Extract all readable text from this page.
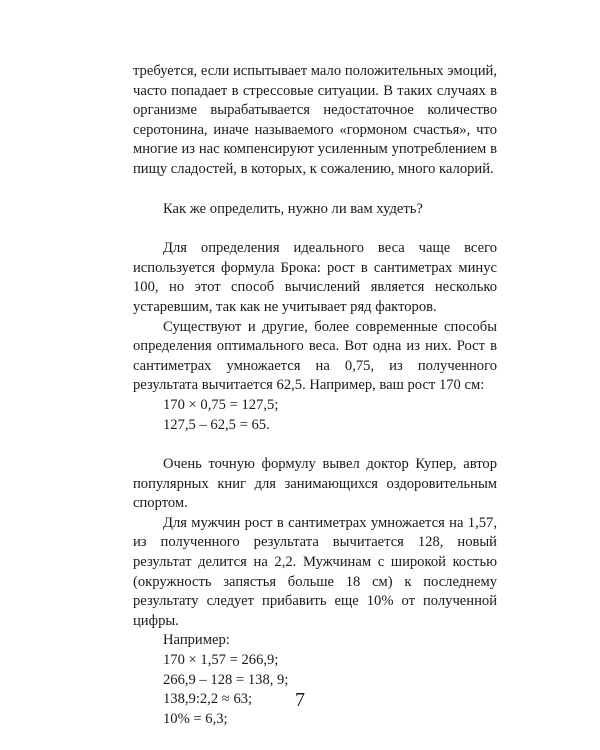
требуется, если испытывает мало положительных эмоций,
часто попадает в стрессовые ситуации. В таких случаях в
организме вырабатывается недостаточное количество
серотонина, иначе называемого «гормоном счастья», что
многие из нас компенсируют усиленным употреблением в
пищу сладостей, в которых, к сожалению, много калорий.
Как же определить, нужно ли вам худеть?
Для определения идеального веса чаще всего
используется формула Брока: рост в сантиметрах минус
100, но этот способ вычислений является несколько
устаревшим, так как не учитывает ряд факторов.
Существуют и другие, более современные способы
определения оптимального веса. Вот одна из них. Рост в
сантиметрах умножается на 0,75, из полученного
результата вычитается 62,5. Например, ваш рост 170 см:
170 × 0,75 = 127,5;
127,5 – 62,5 = 65.
Очень точную формулу вывел доктор Купер, автор
популярных книг для занимающихся оздоровительным
спортом.
Для мужчин рост в сантиметрах умножается на 1,57,
из полученного результата вычитается 128, новый
результат делится на 2,2. Мужчинам с широкой костью
(окружность запястья больше 18 см) к последнему
результату следует прибавить еще 10% от полученной
цифры.
Например:
170 × 1,57 = 266,9;
266,9 – 128 = 138, 9;
138,9:2,2 ≈ 63;
10% = 6,3;
7
